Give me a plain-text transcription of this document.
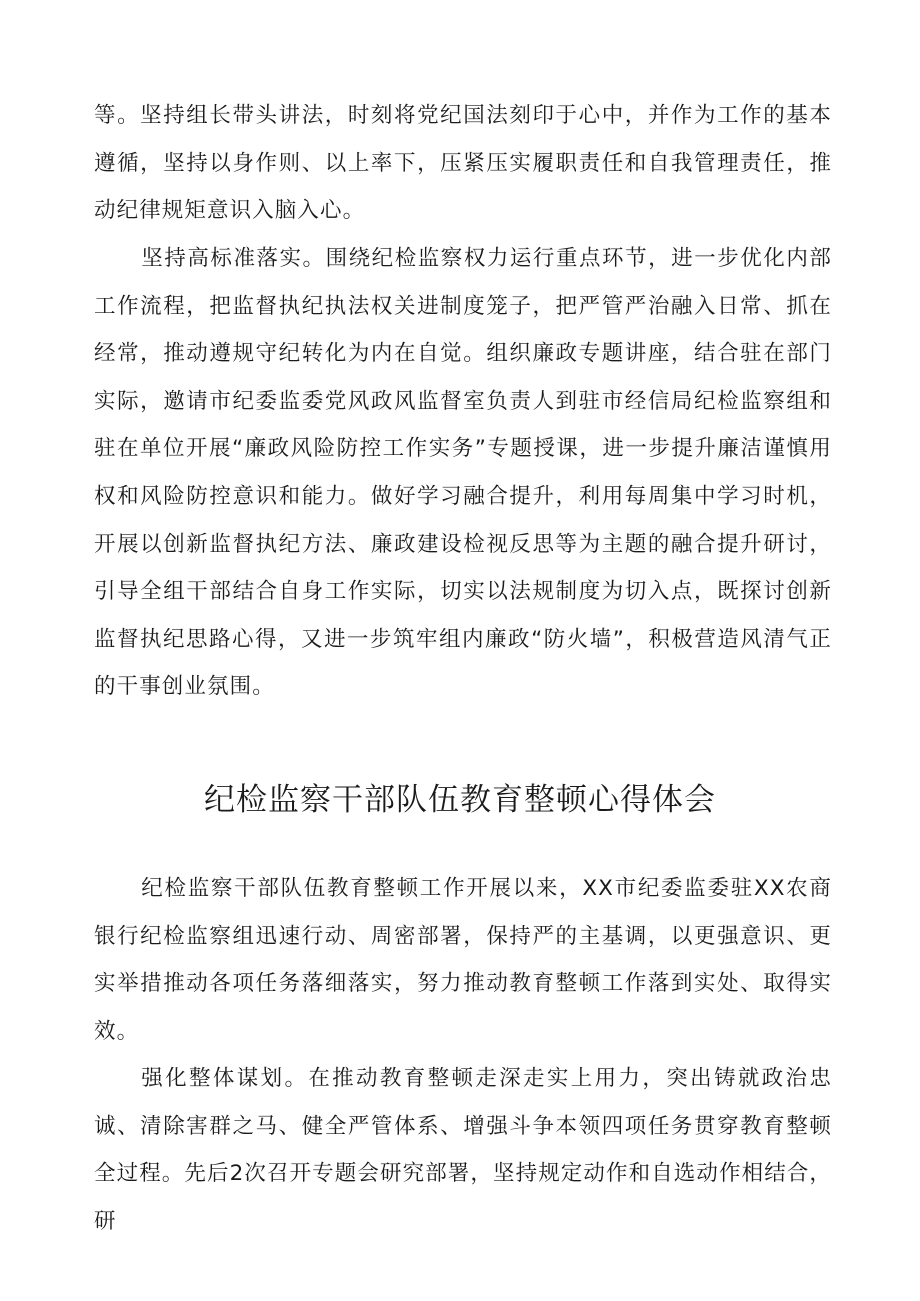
等。坚持组长带头讲法，时刻将党纪国法刻印于心中，并作为工作的基本遵循，坚持以身作则、以上率下，压紧压实履职责任和自我管理责任，推动纪律规矩意识入脑入心。

坚持高标准落实。围绕纪检监察权力运行重点环节，进一步优化内部工作流程，把监督执纪执法权关进制度笼子，把严管严治融入日常、抓在经常，推动遵规守纪转化为内在自觉。组织廉政专题讲座，结合驻在部门实际，邀请市纪委监委党风政风监督室负责人到驻市经信局纪检监察组和驻在单位开展“廉政风险防控工作实务”专题授课，进一步提升廉洁谨慎用权和风险防控意识和能力。做好学习融合提升，利用每周集中学习时机，开展以创新监督执纪方法、廉政建设检视反思等为主题的融合提升研讨，引导全组干部结合自身工作实际，切实以法规制度为切入点，既探讨创新监督执纪思路心得，又进一步筑牢组内廉政“防火墙”，积极营造风清气正的干事创业氛围。

纪检监察干部队伍教育整顿心得体会

纪检监察干部队伍教育整顿工作开展以来，XX市纪委监委驻XX农商银行纪检监察组迅速行动、周密部署，保持严的主基调，以更强意识、更实举措推动各项任务落细落实，努力推动教育整顿工作落到实处、取得实效。

强化整体谋划。在推动教育整顿走深走实上用力，突出铸就政治忠诚、清除害群之马、健全严管体系、增强斗争本领四项任务贯穿教育整顿全过程。先后2次召开专题会研究部署，坚持规定动作和自选动作相结合，研
